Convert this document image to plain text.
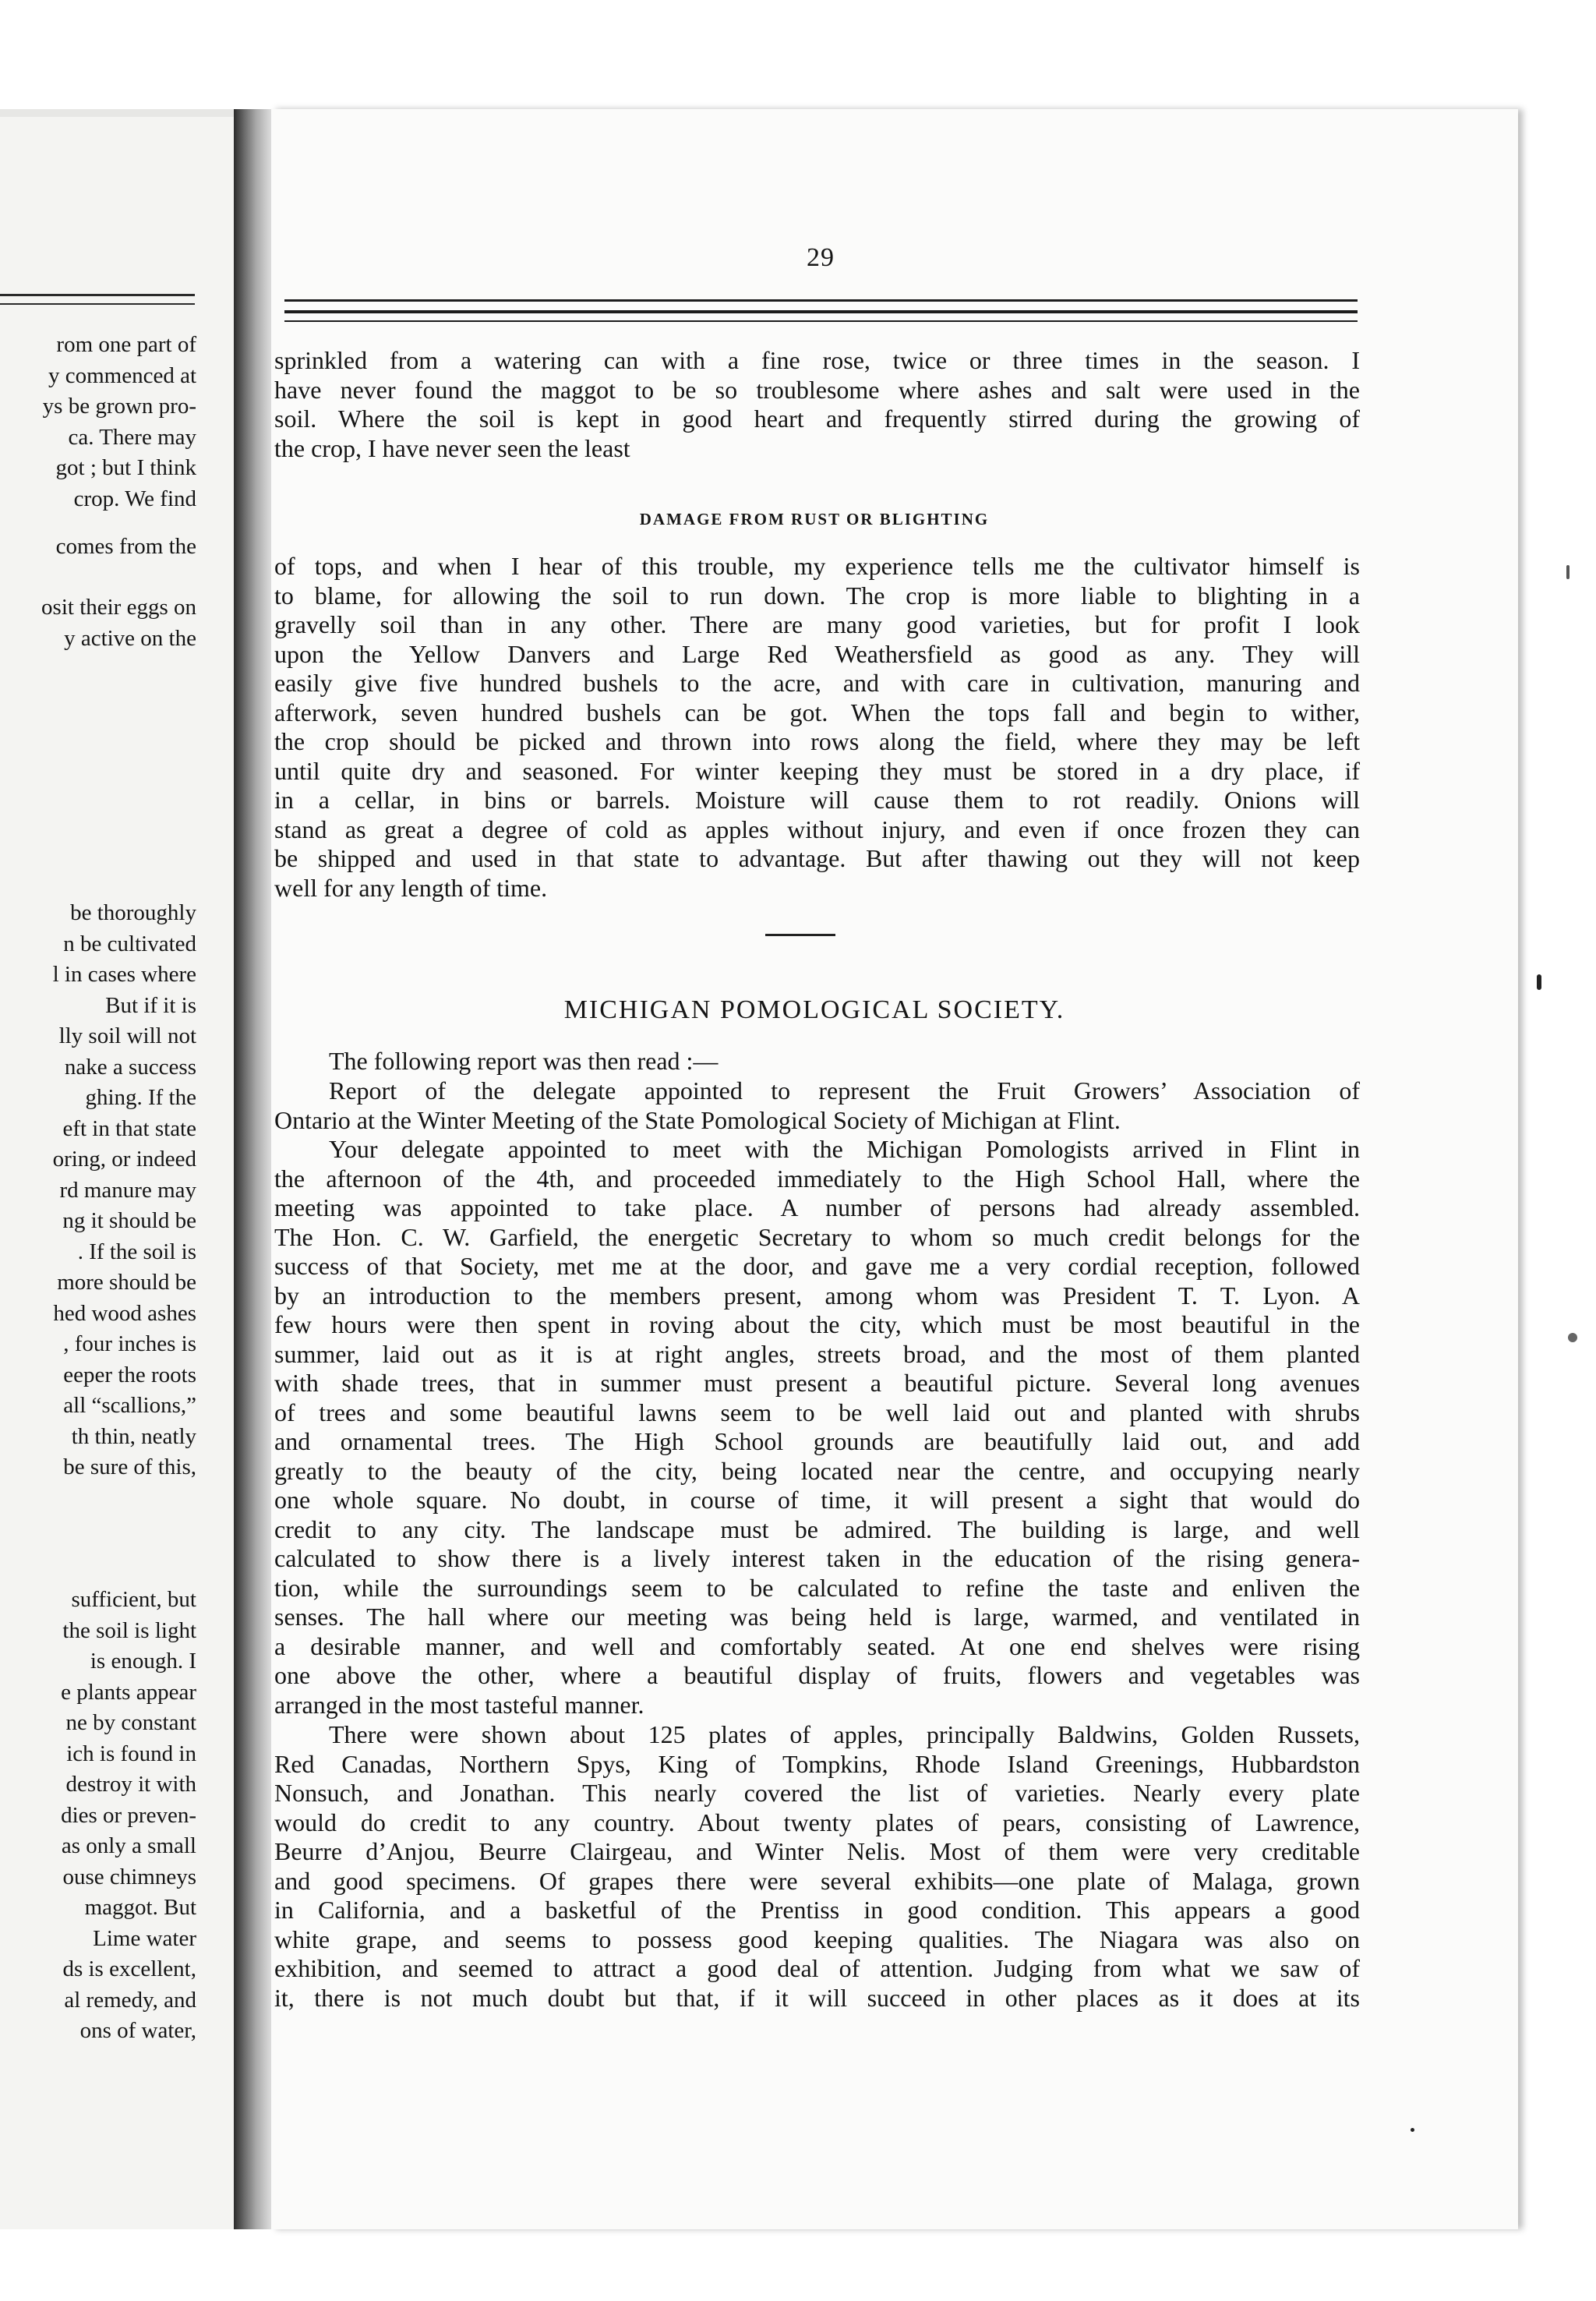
rom one part of
y commenced at
ys be grown pro-
ca. There may
got ; but I think
crop. We find
comes from the
osit their eggs on
y active on the
be thoroughly
n be cultivated
l in cases where
But if it is
lly soil will not
nake a success
ghing. If the
eft in that state
oring, or indeed
rd manure may
ng it should be
. If the soil is
more should be
hed wood ashes
, four inches is
eeper the roots
all “scallions,”
th thin, neatly
be sure of this,
sufficient, but
the soil is light
is enough. I
e plants appear
ne by constant
ich is found in
destroy it with
dies or preven-
as only a small
ouse chimneys
maggot. But
Lime water
ds is excellent,
al remedy, and
ons of water,
29
sprinkled from a watering can with a fine rose, twice or three times in the season. I
have never found the maggot to be so troublesome where ashes and salt were used in the
soil. Where the soil is kept in good heart and frequently stirred during the growing of
the crop, I have never seen the least
DAMAGE FROM RUST OR BLIGHTING
of tops, and when I hear of this trouble, my experience tells me the cultivator himself is
to blame, for allowing the soil to run down. The crop is more liable to blighting in a
gravelly soil than in any other. There are many good varieties, but for profit I look
upon the Yellow Danvers and Large Red Weathersfield as good as any. They will
easily give five hundred bushels to the acre, and with care in cultivation, manuring and
afterwork, seven hundred bushels can be got. When the tops fall and begin to wither,
the crop should be picked and thrown into rows along the field, where they may be left
until quite dry and seasoned. For winter keeping they must be stored in a dry place, if
in a cellar, in bins or barrels. Moisture will cause them to rot readily. Onions will
stand as great a degree of cold as apples without injury, and even if once frozen they can
be shipped and used in that state to advantage. But after thawing out they will not keep
well for any length of time.
MICHIGAN POMOLOGICAL SOCIETY.
The following report was then read :—
Report of the delegate appointed to represent the Fruit Growers’ Association of
Ontario at the Winter Meeting of the State Pomological Society of Michigan at Flint.
Your delegate appointed to meet with the Michigan Pomologists arrived in Flint in
the afternoon of the 4th, and proceeded immediately to the High School Hall, where the
meeting was appointed to take place. A number of persons had already assembled.
The Hon. C. W. Garfield, the energetic Secretary to whom so much credit belongs for the
success of that Society, met me at the door, and gave me a very cordial reception, followed
by an introduction to the members present, among whom was President T. T. Lyon. A
few hours were then spent in roving about the city, which must be most beautiful in the
summer, laid out as it is at right angles, streets broad, and the most of them planted
with shade trees, that in summer must present a beautiful picture. Several long avenues
of trees and some beautiful lawns seem to be well laid out and planted with shrubs
and ornamental trees. The High School grounds are beautifully laid out, and add
greatly to the beauty of the city, being located near the centre, and occupying nearly
one whole square. No doubt, in course of time, it will present a sight that would do
credit to any city. The landscape must be admired. The building is large, and well
calculated to show there is a lively interest taken in the education of the rising genera-
tion, while the surroundings seem to be calculated to refine the taste and enliven the
senses. The hall where our meeting was being held is large, warmed, and ventilated in
a desirable manner, and well and comfortably seated. At one end shelves were rising
one above the other, where a beautiful display of fruits, flowers and vegetables was
arranged in the most tasteful manner.
There were shown about 125 plates of apples, principally Baldwins, Golden Russets,
Red Canadas, Northern Spys, King of Tompkins, Rhode Island Greenings, Hubbardston
Nonsuch, and Jonathan. This nearly covered the list of varieties. Nearly every plate
would do credit to any country. About twenty plates of pears, consisting of Lawrence,
Beurre d’Anjou, Beurre Clairgeau, and Winter Nelis. Most of them were very creditable
and good specimens. Of grapes there were several exhibits—one plate of Malaga, grown
in California, and a basketful of the Prentiss in good condition. This appears a good
white grape, and seems to possess good keeping qualities. The Niagara was also on
exhibition, and seemed to attract a good deal of attention. Judging from what we saw of
it, there is not much doubt but that, if it will succeed in other places as it does at its
